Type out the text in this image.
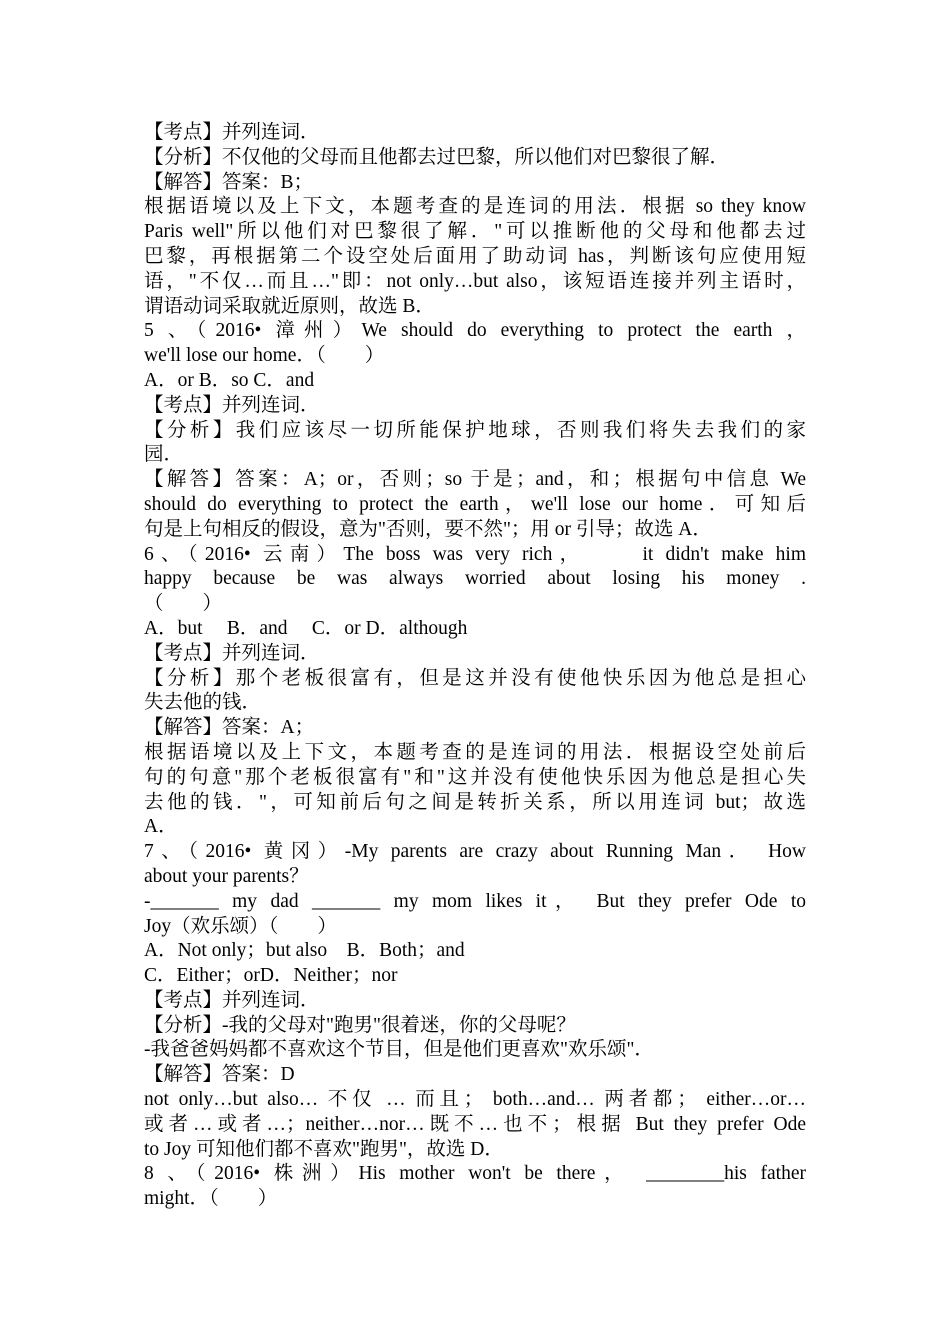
【考点】并列连词．
【分析】不仅他的父母而且他都去过巴黎，所以他们对巴黎很了解．
【解答】答案：B；
根据语境以及上下文，本题考查的是连词的用法．根据 so they know
Paris well"所以他们对巴黎很了解．"可以推断他的父母和他都去过
巴黎，再根据第二个设空处后面用了助动词 has，判断该句应使用短
语，"不仅…而且…"即：not only…but also，该短语连接并列主语时，
谓语动词采取就近原则，故选 B．
5 、（2016• 漳州）We should do everything to protect the earth ，
we'll lose our home．（　　）
A．or B．so C．and
【考点】并列连词．
【分析】我们应该尽一切所能保护地球，否则我们将失去我们的家
园．
【解答】答案：A；or，否则；so 于是；and，和；根据句中信息 We
should do everything to protect the earth，we'll lose our home．可知后
句是上句相反的假设，意为"否则，要不然"；用 or 引导；故选 A．
6、（2016• 云南）The boss was very rich，　　 it didn't make him
happy because be was always worried about losing his money .
（　　）
A．but　 B．and　 C．or D．although
【考点】并列连词．
【分析】那个老板很富有，但是这并没有使他快乐因为他总是担心
失去他的钱．
【解答】答案：A；
根据语境以及上下文，本题考查的是连词的用法．根据设空处前后
句的句意"那个老板很富有"和"这并没有使他快乐因为他总是担心失
去他的钱．"，可知前后句之间是转折关系，所以用连词 but；故选
A．
7、（2016• 黄冈）-My parents are crazy about Running Man． How
about your parents？
-_______ my dad _______ my mom likes it， But they prefer Ode to
Joy（欢乐颂）（　　）
A．Not only；but also　B．Both；and
C．Either；orD．Neither；nor
【考点】并列连词．
【分析】-我的父母对"跑男"很着迷，你的父母呢？
-我爸爸妈妈都不喜欢这个节目，但是他们更喜欢"欢乐颂"．
【解答】答案：D
not only…but also… 不仅 … 而且； both…and… 两者都； either…or…
或者…或者…；neither…nor…既不…也不；根据 But they prefer Ode
to Joy 可知他们都不喜欢"跑男"，故选 D．
8 、（2016• 株洲）His mother won't be there， ________his father
might．（　　）
